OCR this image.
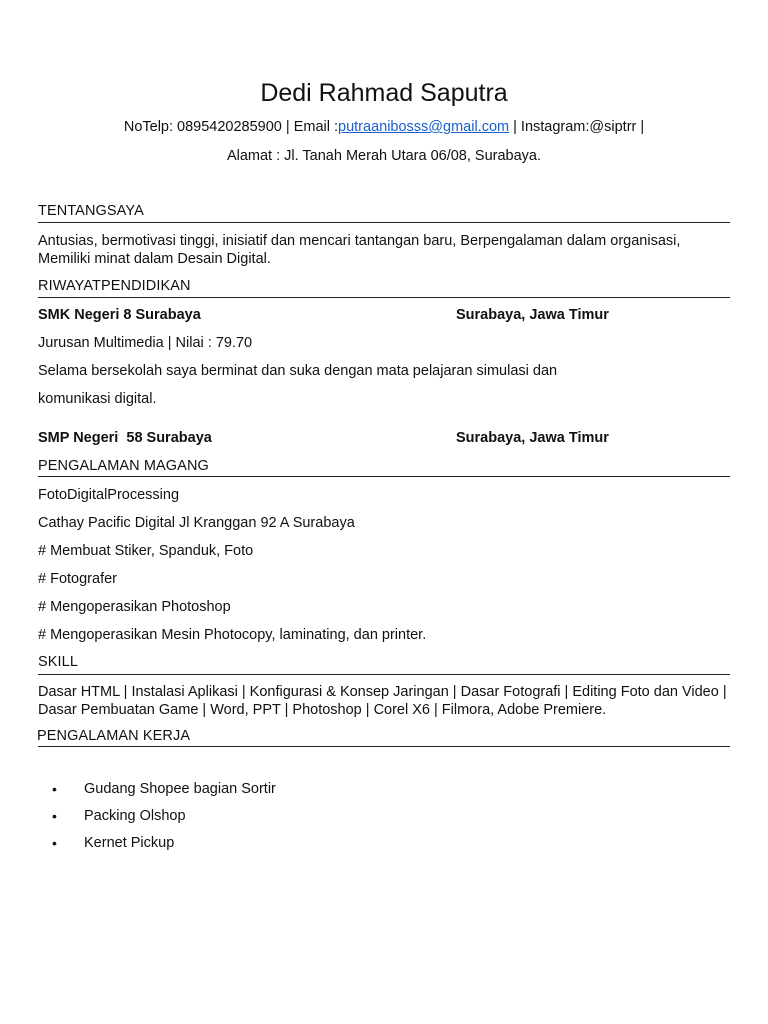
Dedi Rahmad Saputra
NoTelp: 0895420285900 | Email :putraanibosss@gmail.com | Instagram:@siptrr |
Alamat : Jl. Tanah Merah Utara 06/08, Surabaya.
TENTANGSAYA
Antusias, bermotivasi tinggi, inisiatif dan mencari tantangan baru, Berpengalaman dalam organisasi, Memiliki minat dalam Desain Digital.
RIWAYATPENDIDIKAN
SMK Negeri 8 Surabaya	Surabaya, Jawa Timur
Jurusan Multimedia | Nilai : 79.70
Selama bersekolah saya berminat dan suka dengan mata pelajaran simulasi dan
komunikasi digital.
SMP Negeri  58 Surabaya	Surabaya, Jawa Timur
PENGALAMAN MAGANG
FotoDigitalProcessing
Cathay Pacific Digital Jl Kranggan 92 A Surabaya
# Membuat Stiker, Spanduk, Foto
# Fotografer
# Mengoperasikan Photoshop
# Mengoperasikan Mesin Photocopy, laminating, dan printer.
SKILL
Dasar HTML | Instalasi Aplikasi | Konfigurasi & Konsep Jaringan | Dasar Fotografi | Editing Foto dan Video | Dasar Pembuatan Game | Word, PPT | Photoshop | Corel X6 | Filmora, Adobe Premiere.
PENGALAMAN KERJA
• Gudang Shopee bagian Sortir
• Packing Olshop
• Kernet Pickup
